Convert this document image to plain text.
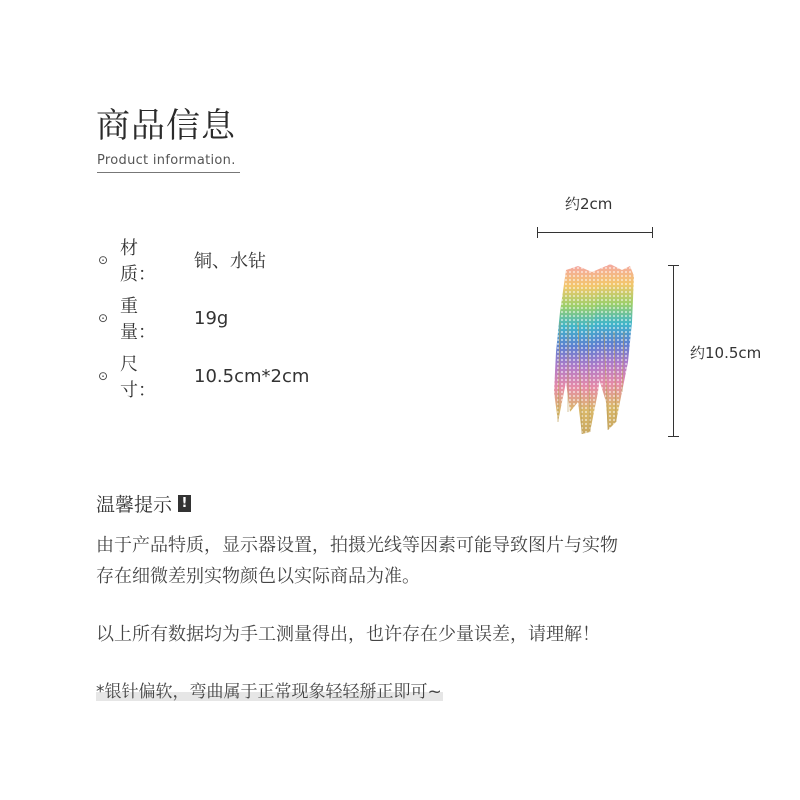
商品信息
Product information.
⊙
材质：
铜、水钻
⊙
重量：
19g
⊙
尺寸：
10.5cm*2cm
约2cm
约10.5cm
温馨提示 !
由于产品特质，显示器设置，拍摄光线等因素可能导致图片与实物
存在细微差别实物颜色以实际商品为准。
以上所有数据均为手工测量得出，也许存在少量误差，请理解！
*银针偏软，弯曲属于正常现象轻轻掰正即可~
